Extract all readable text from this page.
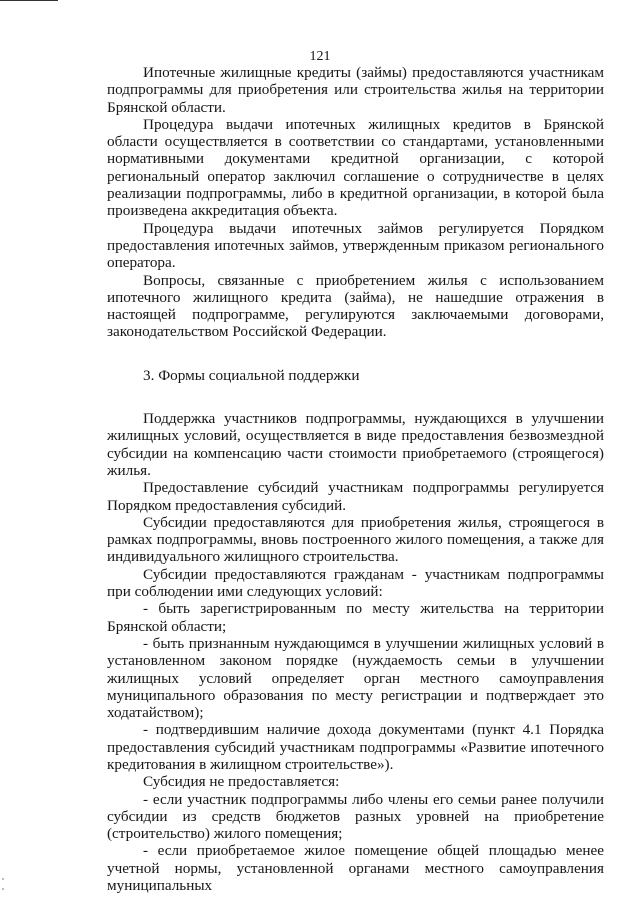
121

Ипотечные жилищные кредиты (займы) предоставляются участникам подпрограммы для приобретения или строительства жилья на территории Брянской области.

Процедура выдачи ипотечных жилищных кредитов в Брянской области осуществляется в соответствии со стандартами, установленными нормативными документами кредитной организации, с которой региональный оператор заключил соглашение о сотрудничестве в целях реализации подпрограммы, либо в кредитной организации, в которой была произведена аккредитация объекта.

Процедура выдачи ипотечных займов регулируется Порядком предоставления ипотечных займов, утвержденным приказом регионального оператора.

Вопросы, связанные с приобретением жилья с использованием ипотечного жилищного кредита (займа), не нашедшие отражения в настоящей подпрограмме, регулируются заключаемыми договорами, законодательством Российской Федерации.

3. Формы социальной поддержки

Поддержка участников подпрограммы, нуждающихся в улучшении жилищных условий, осуществляется в виде предоставления безвозмездной субсидии на компенсацию части стоимости приобретаемого (строящегося) жилья.

Предоставление субсидий участникам подпрограммы регулируется Порядком предоставления субсидий.

Субсидии предоставляются для приобретения жилья, строящегося в рамках подпрограммы, вновь построенного жилого помещения, а также для индивидуального жилищного строительства.

Субсидии предоставляются гражданам - участникам подпрограммы при соблюдении ими следующих условий:

- быть зарегистрированным по месту жительства на территории Брянской области;

- быть признанным нуждающимся в улучшении жилищных условий в установленном законом порядке (нуждаемость семьи в улучшении жилищных условий определяет орган местного самоуправления муниципального образования по месту регистрации и подтверждает это ходатайством);

- подтвердившим наличие дохода документами (пункт 4.1 Порядка предоставления субсидий участникам подпрограммы «Развитие ипотечного кредитования в жилищном строительстве»).

Субсидия не предоставляется:

- если участник подпрограммы либо члены его семьи ранее получили субсидии из средств бюджетов разных уровней на приобретение (строительство) жилого помещения;

- если приобретаемое жилое помещение общей площадью менее учетной нормы, установленной органами местного самоуправления муниципальных
